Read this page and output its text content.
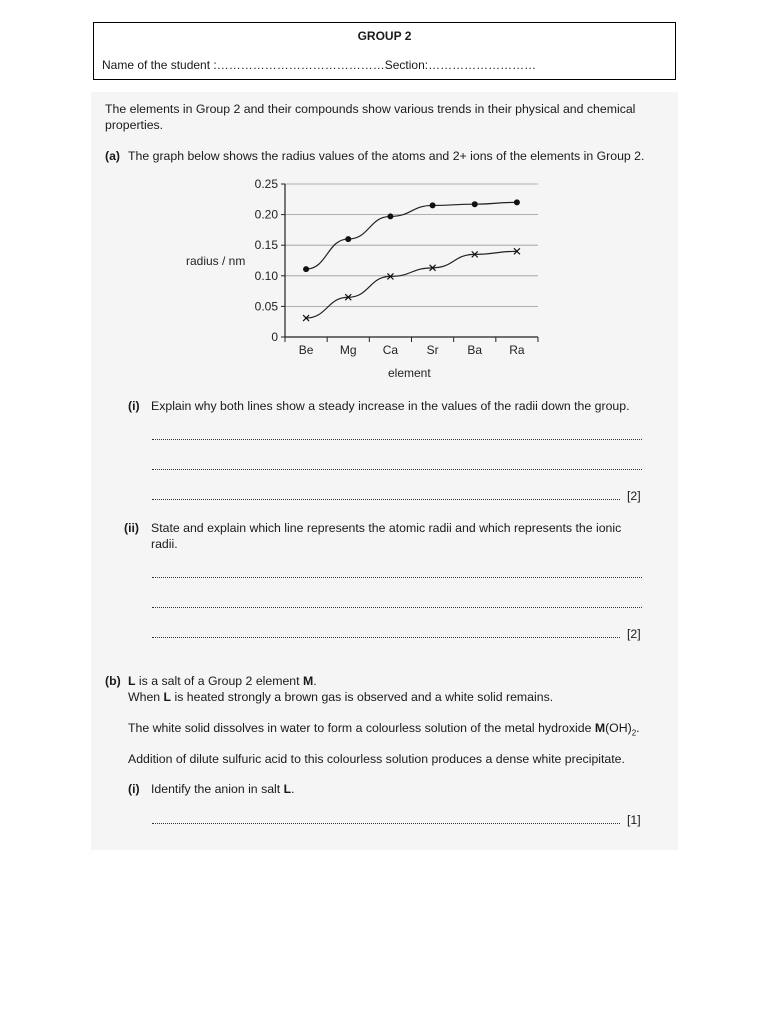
GROUP 2
Name of the student :……………………………………Section:………………………
The elements in Group 2 and their compounds show various trends in their physical and chemical
properties.
(a) The graph below shows the radius values of the atoms and 2+ ions of the elements in Group 2.
0
0.05
0.10
0.15
0.20
0.25
Be Mg Ca Sr Ba Ra
radius / nm
element
(i) Explain why both lines show a steady increase in the values of the radii down the group.
[2]
(ii) State and explain which line represents the atomic radii and which represents the ionic
radii.
[2]
(b) L is a salt of a Group 2 element M.
When L is heated strongly a brown gas is observed and a white solid remains.
The white solid dissolves in water to form a colourless solution of the metal hydroxide $M(OH)_2$.
Addition of dilute sulfuric acid to this colourless solution produces a dense white precipitate.
(i) Identify the anion in salt L.
[1]
